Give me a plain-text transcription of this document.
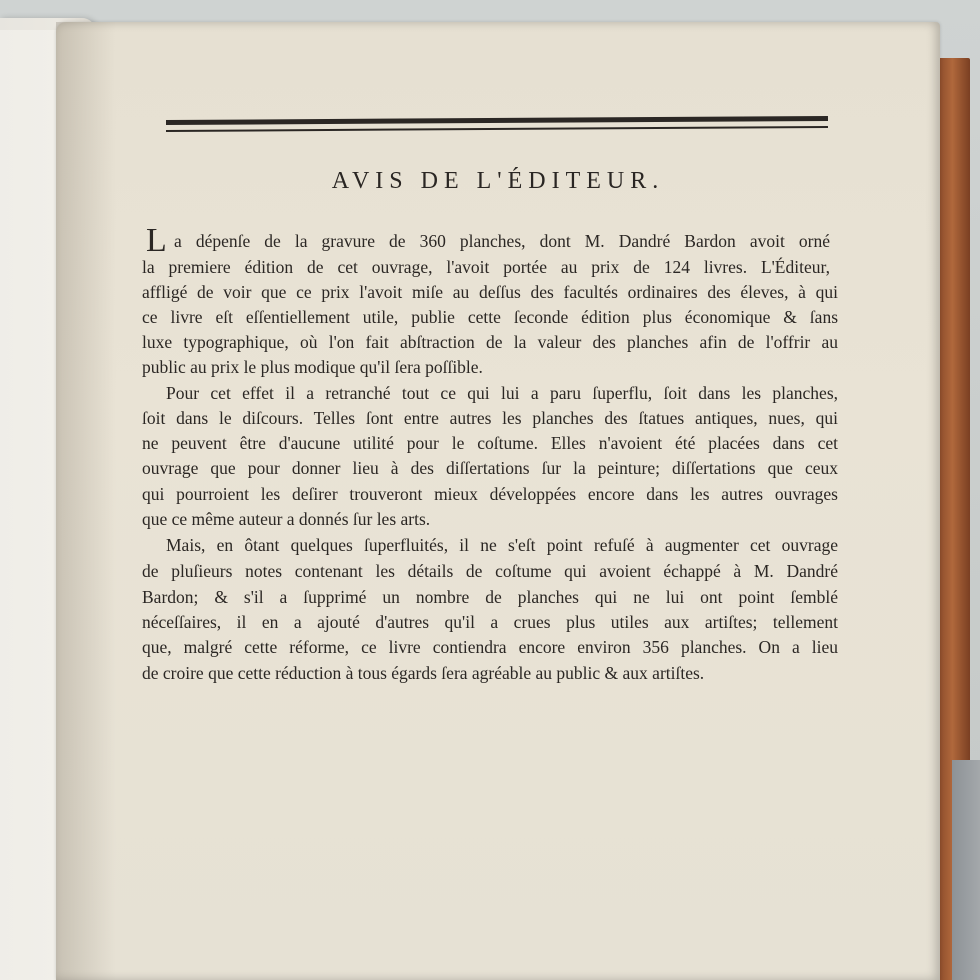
AVIS DE L'ÉDITEUR.
L a dépenſe de la gravure de 360 planches, dont M. Dandré Bardon avoit orné
la premiere édition de cet ouvrage, l'avoit portée au prix de 124 livres. L'Éditeur,
affligé de voir que ce prix l'avoit miſe au deſſus des facultés ordinaires des éleves, à qui
ce livre eſt eſſentiellement utile, publie cette ſeconde édition plus économique & ſans
luxe typographique, où l'on fait abſtraction de la valeur des planches afin de l'offrir au
public au prix le plus modique qu'il ſera poſſible.
Pour cet effet il a retranché tout ce qui lui a paru ſuperflu, ſoit dans les planches,
ſoit dans le diſcours. Telles ſont entre autres les planches des ſtatues antiques, nues, qui
ne peuvent être d'aucune utilité pour le coſtume. Elles n'avoient été placées dans cet
ouvrage que pour donner lieu à des diſſertations ſur la peinture; diſſertations que ceux
qui pourroient les deſirer trouveront mieux développées encore dans les autres ouvrages
que ce même auteur a donnés ſur les arts.
Mais, en ôtant quelques ſuperfluités, il ne s'eſt point refuſé à augmenter cet ouvrage
de pluſieurs notes contenant les détails de coſtume qui avoient échappé à M. Dandré
Bardon; & s'il a ſupprimé un nombre de planches qui ne lui ont point ſemblé
néceſſaires, il en a ajouté d'autres qu'il a crues plus utiles aux artiſtes; tellement
que, malgré cette réforme, ce livre contiendra encore environ 356 planches. On a lieu
de croire que cette réduction à tous égards ſera agréable au public & aux artiſtes.
